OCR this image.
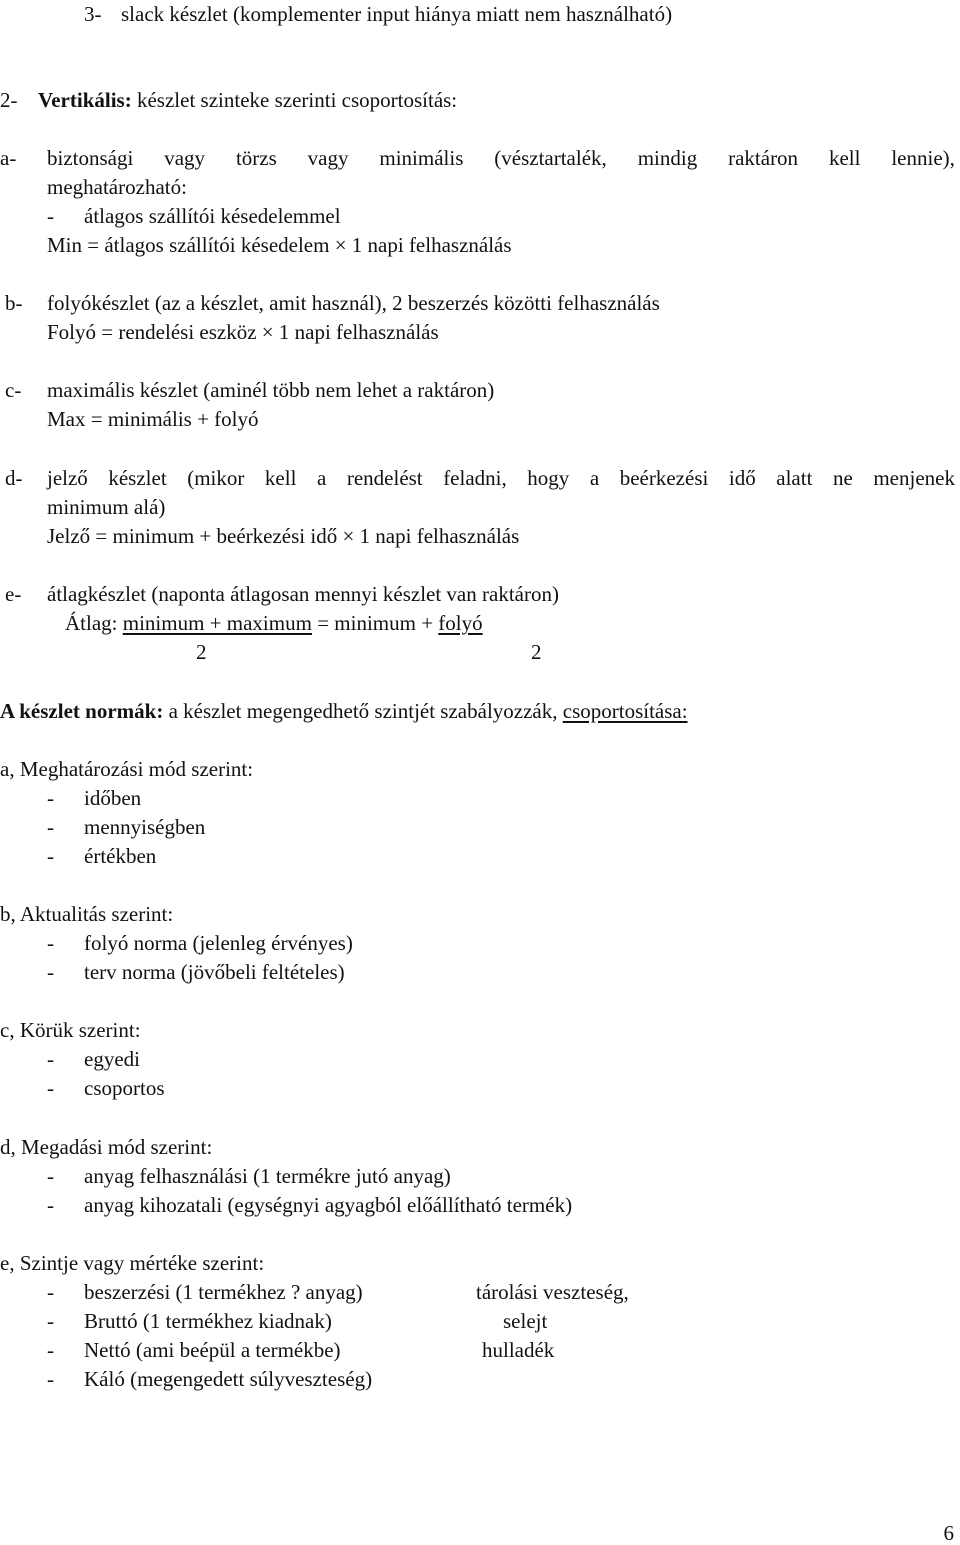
3- slack készlet (komplementer input hiánya miatt nem használható)
2- Vertikális: készlet szinteke szerinti csoportosítás:
a- biztonsági vagy törzs vagy minimális (vésztartalék, mindig raktáron kell lennie),
meghatározható:
- átlagos szállítói késedelemmel
Min = átlagos szállítói késedelem × 1 napi felhasználás
b- folyókészlet (az a készlet, amit használ), 2 beszerzés közötti felhasználás
Folyó = rendelési eszköz × 1 napi felhasználás
c- maximális készlet (aminél több nem lehet a raktáron)
Max = minimális + folyó
d- jelző készlet (mikor kell a rendelést feladni, hogy a beérkezési idő alatt ne menjenek
minimum alá)
Jelző = minimum + beérkezési idő × 1 napi felhasználás
e- átlagkészlet (naponta átlagosan mennyi készlet van raktáron)
Átlag: minimum + maximum = minimum + folyó
2	2
A készlet normák: a készlet megengedhető szintjét szabályozzák, csoportosítása:
a, Meghatározási mód szerint:
- időben
- mennyiségben
- értékben
b, Aktualitás szerint:
- folyó norma (jelenleg érvényes)
- terv norma (jövőbeli feltételes)
c, Körük szerint:
- egyedi
- csoportos
d, Megadási mód szerint:
- anyag felhasználási (1 termékre jutó anyag)
- anyag kihozatali (egységnyi agyagból előállítható termék)
e, Szintje vagy mértéke szerint:
- beszerzési (1 termékhez ? anyag)	tárolási veszteség,
- Bruttó (1 termékhez kiadnak)	selejt
- Nettó (ami beépül a termékbe)	hulladék
- Káló (megengedett súlyveszteség)
6
